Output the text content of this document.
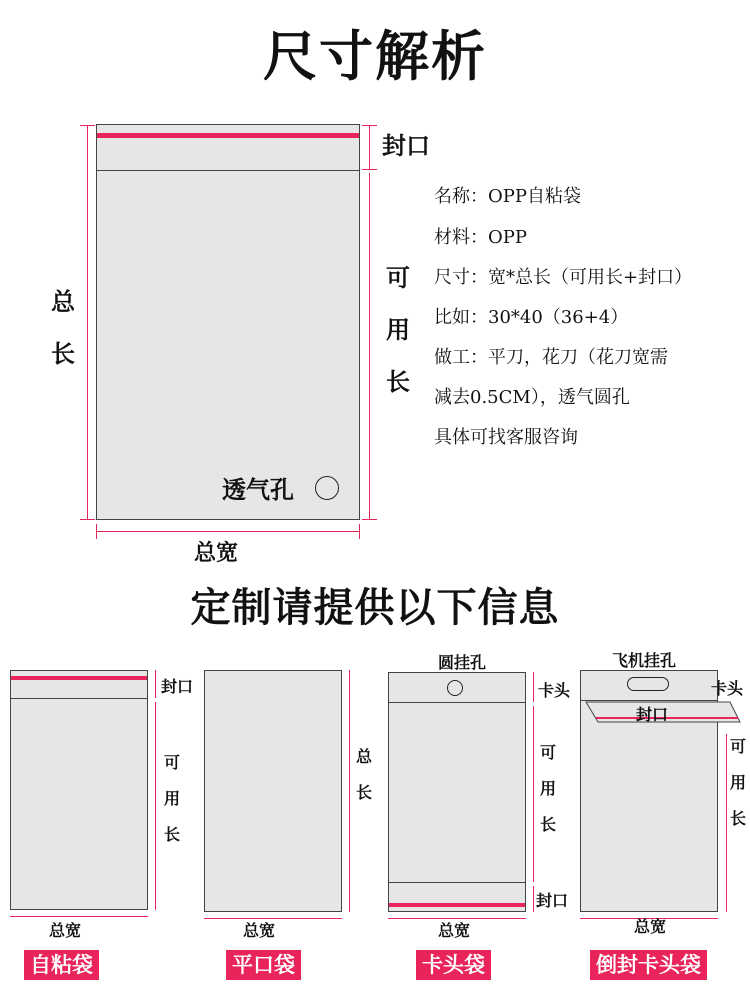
尺寸解析
总
长
透气孔
封口
可
用
长
总宽
名称：OPP自粘袋
材料：OPP
尺寸：宽*总长（可用长+封口）
比如：30*40（36+4）
做工：平刀，花刀（花刀宽需
减去0.5CM），透气圆孔
具体可找客服咨询
定制请提供以下信息
封口
可
用
长
总宽
自粘袋
总
长
总宽
平口袋
圆挂孔
卡头
可
用
长
封口
总宽
卡头袋
飞机挂孔
封口
卡头
可
用
长
总宽
倒封卡头袋
